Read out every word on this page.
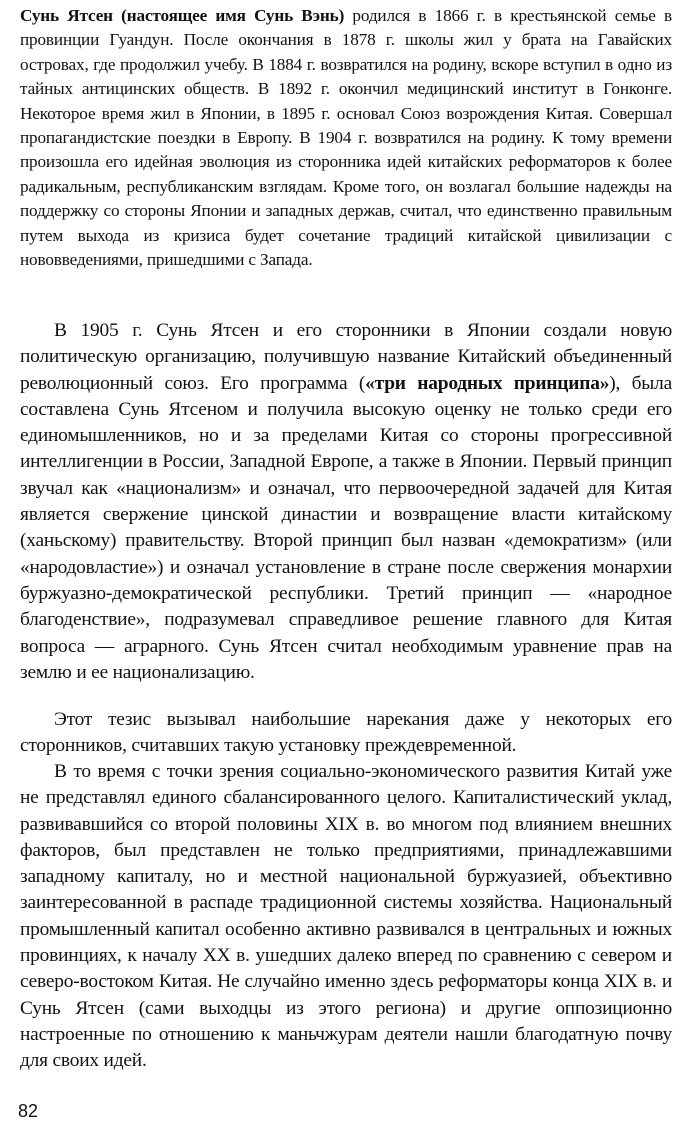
Сунь Ятсен (настоящее имя Сунь Вэнь) родился в 1866 г. в крестьянской семье в провинции Гуандун. После окончания в 1878 г. школы жил у брата на Гавайских островах, где продолжил учебу. В 1884 г. возвратился на родину, вскоре вступил в одно из тайных антицинских обществ. В 1892 г. окончил медицинский институт в Гонконге. Некоторое время жил в Японии, в 1895 г. основал Союз возрождения Китая. Совершал пропагандистские поездки в Европу. В 1904 г. возвратился на родину. К тому времени произошла его идейная эволюция из сторонника идей китайских реформаторов к более радикальным, республиканским взглядам. Кроме того, он возлагал большие надежды на поддержку со стороны Японии и западных держав, считал, что единственно правильным путем выхода из кризиса будет сочетание традиций китайской цивилизации с нововведениями, пришедшими с Запада.

В 1905 г. Сунь Ятсен и его сторонники в Японии создали новую политическую организацию, получившую название Китайский объединенный революционный союз. Его программа («три народных принципа»), была составлена Сунь Ятсеном и получила высокую оценку не только среди его единомышленников, но и за пределами Китая со стороны прогрессивной интеллигенции в России, Западной Европе, а также в Японии. Первый принцип звучал как «национализм» и означал, что первоочередной задачей для Китая является свержение цинской династии и возвращение власти китайскому (ханьскому) правительству. Второй принцип был назван «демократизм» (или «народовластие») и означал установление в стране после свержения монархии буржуазно-демократической республики. Третий принцип — «народное благоденствие», подразумевал справедливое решение главного для Китая вопроса — аграрного. Сунь Ятсен считал необходимым уравнение прав на землю и ее национализацию.

Этот тезис вызывал наибольшие нарекания даже у некоторых его сторонников, считавших такую установку преждевременной.

В то время с точки зрения социально-экономического развития Китай уже не представлял единого сбалансированного целого. Капиталистический уклад, развивавшийся со второй половины XIX в. во многом под влиянием внешних факторов, был представлен не только предприятиями, принадлежавшими западному капиталу, но и местной национальной буржуазией, объективно заинтересованной в распаде традиционной системы хозяйства. Национальный промышленный капитал особенно активно развивался в центральных и южных провинциях, к началу XX в. ушедших далеко вперед по сравнению с севером и северо-востоком Китая. Не случайно именно здесь реформаторы конца XIX в. и Сунь Ятсен (сами выходцы из этого региона) и другие оппозиционно настроенные по отношению к маньчжурам деятели нашли благодатную почву для своих идей.

82
